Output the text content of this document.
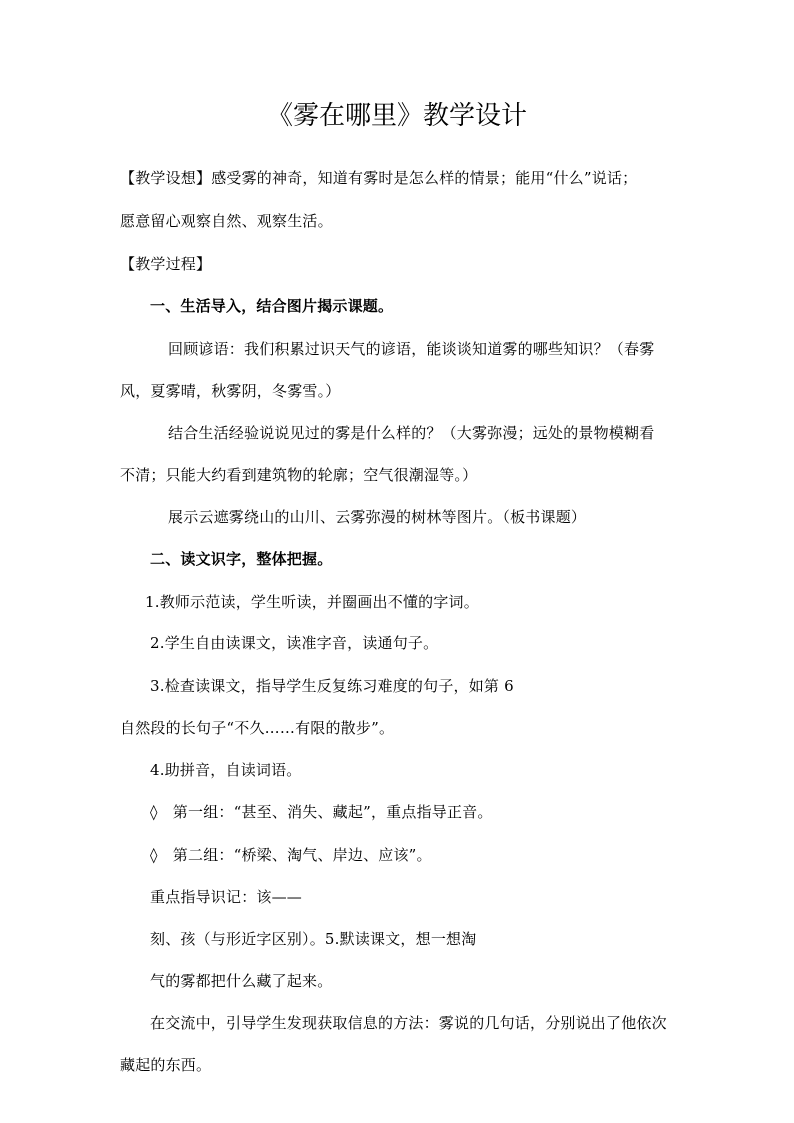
《雾在哪里》教学设计
【教学设想】感受雾的神奇，知道有雾时是怎么样的情景；能用“什么”说话；
愿意留心观察自然、观察生活。
【教学过程】
一、生活导入，结合图片揭示课题。
回顾谚语：我们积累过识天气的谚语，能谈谈知道雾的哪些知识？（春雾
风，夏雾晴，秋雾阴，冬雾雪。）
结合生活经验说说见过的雾是什么样的？（大雾弥漫；远处的景物模糊看
不清；只能大约看到建筑物的轮廓；空气很潮湿等。）
展示云遮雾绕山的山川、云雾弥漫的树林等图片。（板书课题）
二、读文识字，整体把握。
1.教师示范读，学生听读，并圈画出不懂的字词。
2.学生自由读课文，读准字音，读通句子。
3.检查读课文，指导学生反复练习难度的句子，如第 6
自然段的长句子“不久……有限的散步”。
4.助拼音，自读词语。
◊　第一组：“甚至、消失、藏起”，重点指导正音。
◊　第二组：“桥梁、淘气、岸边、应该”。
重点指导识记：该——
刻、孩（与形近字区别）。5.默读课文，想一想淘
气的雾都把什么藏了起来。
在交流中，引导学生发现获取信息的方法：雾说的几句话，分别说出了他依次
藏起的东西。
